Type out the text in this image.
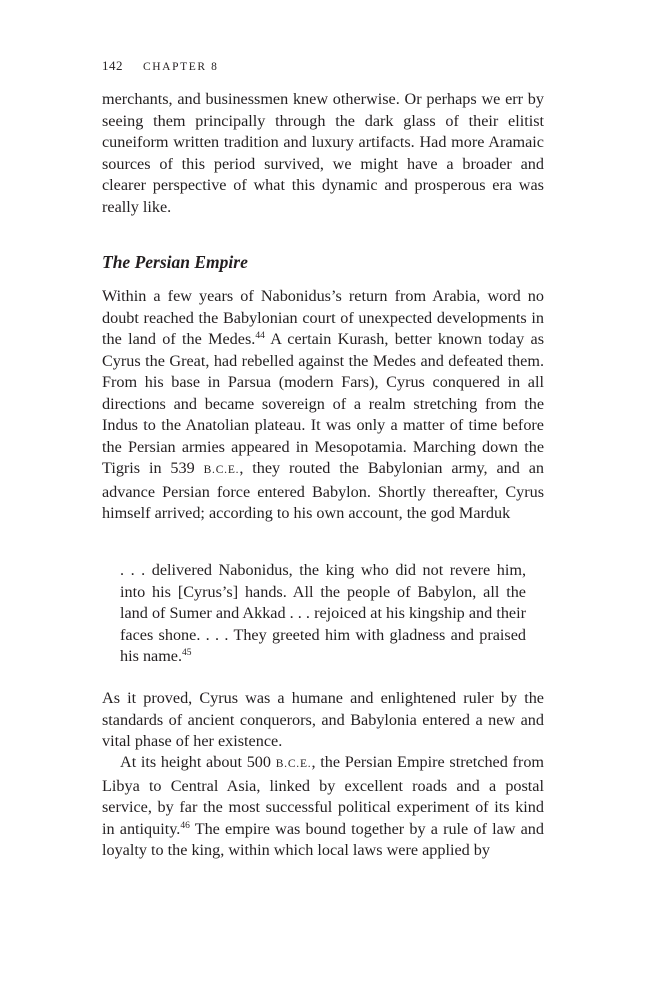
142 CHAPTER 8

merchants, and businessmen knew otherwise. Or perhaps we err by seeing them principally through the dark glass of their elitist cuneiform written tradition and luxury artifacts. Had more Aramaic sources of this period survived, we might have a broader and clearer perspective of what this dynamic and prosperous era was really like.

The Persian Empire

Within a few years of Nabonidus’s return from Arabia, word no doubt reached the Babylonian court of unexpected developments in the land of the Medes.$^{44}$ A certain Kurash, better known today as Cyrus the Great, had rebelled against the Medes and defeated them. From his base in Parsua (modern Fars), Cyrus conquered in all directions and became sovereign of a realm stretching from the Indus to the Anatolian plateau. It was only a matter of time before the Persian armies appeared in Mesopotamia. Marching down the Tigris in 539 B.C.E., they routed the Babylonian army, and an advance Persian force entered Babylon. Shortly thereafter, Cyrus himself arrived; according to his own account, the god Marduk

. . . delivered Nabonidus, the king who did not revere him, into his [Cyrus’s] hands. All the people of Babylon, all the land of Sumer and Akkad . . . rejoiced at his kingship and their faces shone. . . . They greeted him with gladness and praised his name.$^{45}$

As it proved, Cyrus was a humane and enlightened ruler by the standards of ancient conquerors, and Babylonia entered a new and vital phase of her existence.

At its height about 500 B.C.E., the Persian Empire stretched from Libya to Central Asia, linked by excellent roads and a postal service, by far the most successful political experiment of its kind in antiquity.$^{46}$ The empire was bound together by a rule of law and loyalty to the king, within which local laws were applied by
